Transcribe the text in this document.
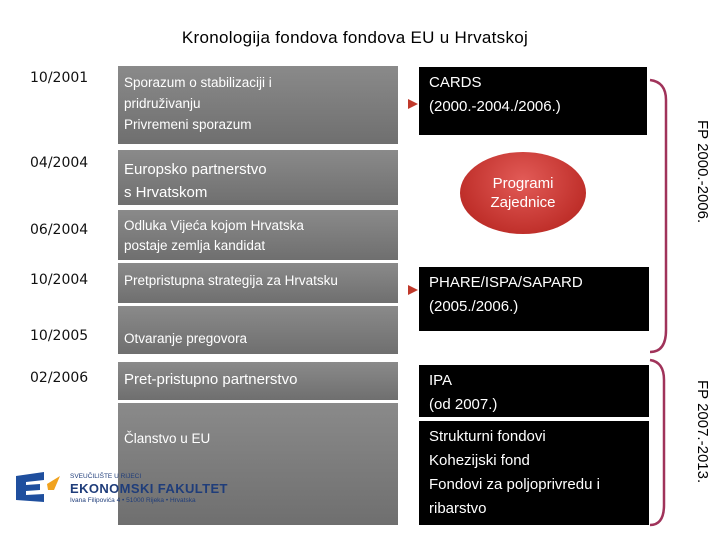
Kronologija fondova fondova EU u Hrvatskoj
10/2001
04/2004
06/2004
10/2004
10/2005
02/2006
Sporazum o stabilizaciji i
pridruživanju
Privremeni sporazum
Europsko partnerstvo
s Hrvatskom
Odluka Vijeća kojom Hrvatska
postaje zemlja kandidat
Pretpristupna strategija za Hrvatsku
Otvaranje pregovora
Pret-pristupno partnerstvo
Članstvo u EU
CARDS
(2000.-2004./2006.)
PHARE/ISPA/SAPARD
(2005./2006.)
IPA
(od 2007.)
Strukturni fondovi
Kohezijski fond
Fondovi za poljoprivredu i
ribarstvo
Programi
Zajednice	FP 2000.-2006.
FP 2007.-2013.
SVEUČILIŠTE U RIJECI
EKONOMSKI FAKULTET
Ivana Filipovića 4 • 51000 Rijeka • Hrvatska
